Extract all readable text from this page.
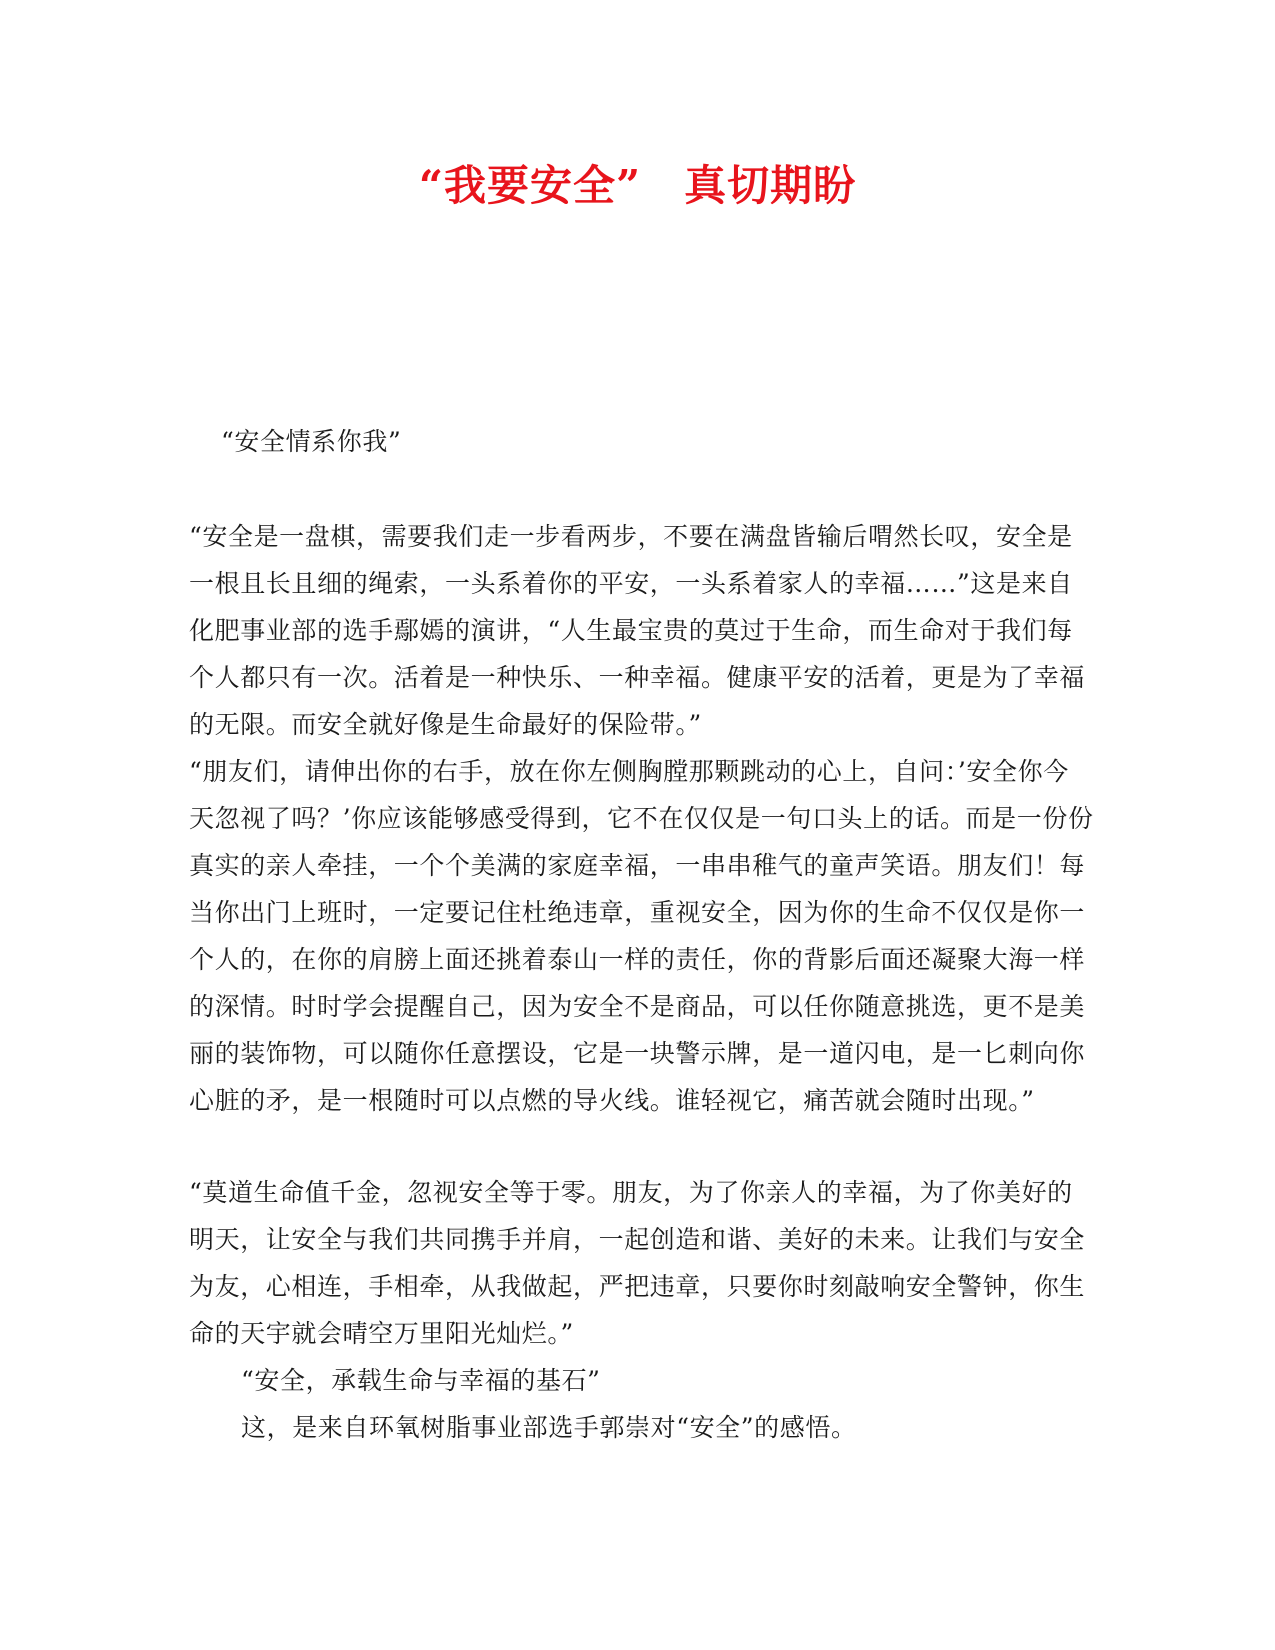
“我要安全”　真切期盼
“安全情系你我”
“安全是一盘棋，需要我们走一步看两步，不要在满盘皆输后喟然长叹，安全是
一根且长且细的绳索，一头系着你的平安，一头系着家人的幸福……”这是来自
化肥事业部的选手鄢嫣的演讲，“人生最宝贵的莫过于生命，而生命对于我们每
个人都只有一次。活着是一种快乐、一种幸福。健康平安的活着，更是为了幸福
的无限。而安全就好像是生命最好的保险带。”
“朋友们，请伸出你的右手，放在你左侧胸膛那颗跳动的心上，自问：’安全你今
天忽视了吗？’你应该能够感受得到，它不在仅仅是一句口头上的话。而是一份份
真实的亲人牵挂，一个个美满的家庭幸福，一串串稚气的童声笑语。朋友们！每
当你出门上班时，一定要记住杜绝违章，重视安全，因为你的生命不仅仅是你一
个人的，在你的肩膀上面还挑着泰山一样的责任，你的背影后面还凝聚大海一样
的深情。时时学会提醒自己，因为安全不是商品，可以任你随意挑选，更不是美
丽的装饰物，可以随你任意摆设，它是一块警示牌，是一道闪电，是一匕刺向你
心脏的矛，是一根随时可以点燃的导火线。谁轻视它，痛苦就会随时出现。”
“莫道生命值千金，忽视安全等于零。朋友，为了你亲人的幸福，为了你美好的
明天，让安全与我们共同携手并肩，一起创造和谐、美好的未来。让我们与安全
为友，心相连，手相牵，从我做起，严把违章，只要你时刻敲响安全警钟，你生
命的天宇就会晴空万里阳光灿烂。”
“安全，承载生命与幸福的基石”
这，是来自环氧树脂事业部选手郭崇对“安全”的感悟。
